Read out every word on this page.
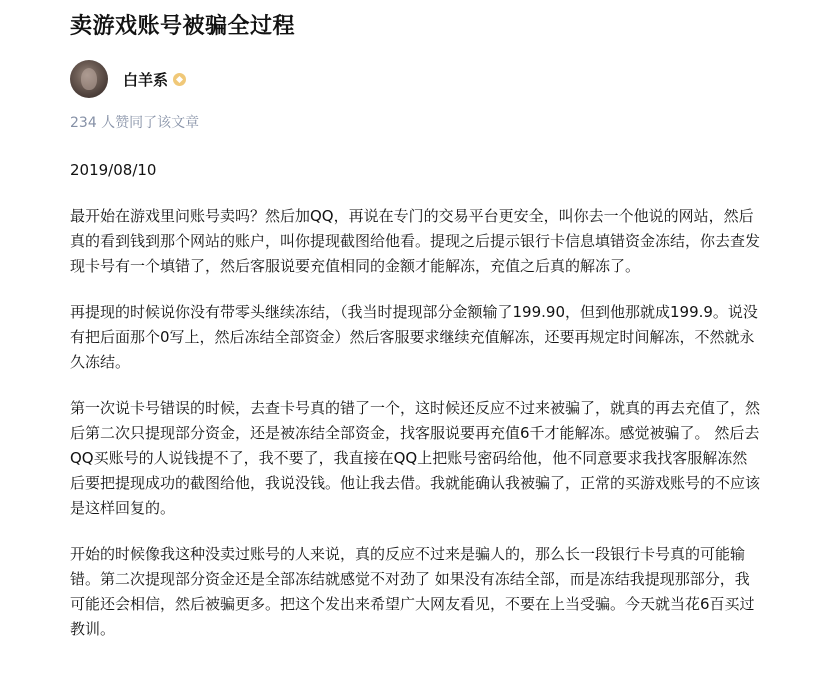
卖游戏账号被骗全过程
白羊系
234 人赞同了该文章
2019/08/10

最开始在游戏里问账号卖吗？然后加QQ，再说在专门的交易平台更安全，叫你去一个他说的网站，然后真的看到钱到那个网站的账户，叫你提现截图给他看。提现之后提示银行卡信息填错资金冻结，你去查发现卡号有一个填错了，然后客服说要充值相同的金额才能解冻，充值之后真的解冻了。

再提现的时候说你没有带零头继续冻结，（我当时提现部分金额输了199.90，但到他那就成199.9。说没有把后面那个0写上，然后冻结全部资金）然后客服要求继续充值解冻，还要再规定时间解冻，不然就永久冻结。

第一次说卡号错误的时候，去查卡号真的错了一个，这时候还反应不过来被骗了，就真的再去充值了，然后第二次只提现部分资金，还是被冻结全部资金，找客服说要再充值6千才能解冻。感觉被骗了。 然后去QQ买账号的人说钱提不了，我不要了，我直接在QQ上把账号密码给他，他不同意要求我找客服解冻然后要把提现成功的截图给他，我说没钱。他让我去借。我就能确认我被骗了，正常的买游戏账号的不应该是这样回复的。

开始的时候像我这种没卖过账号的人来说，真的反应不过来是骗人的，那么长一段银行卡号真的可能输错。第二次提现部分资金还是全部冻结就感觉不对劲了 如果没有冻结全部，而是冻结我提现那部分，我可能还会相信，然后被骗更多。把这个发出来希望广大网友看见，不要在上当受骗。今天就当花6百买过教训。
